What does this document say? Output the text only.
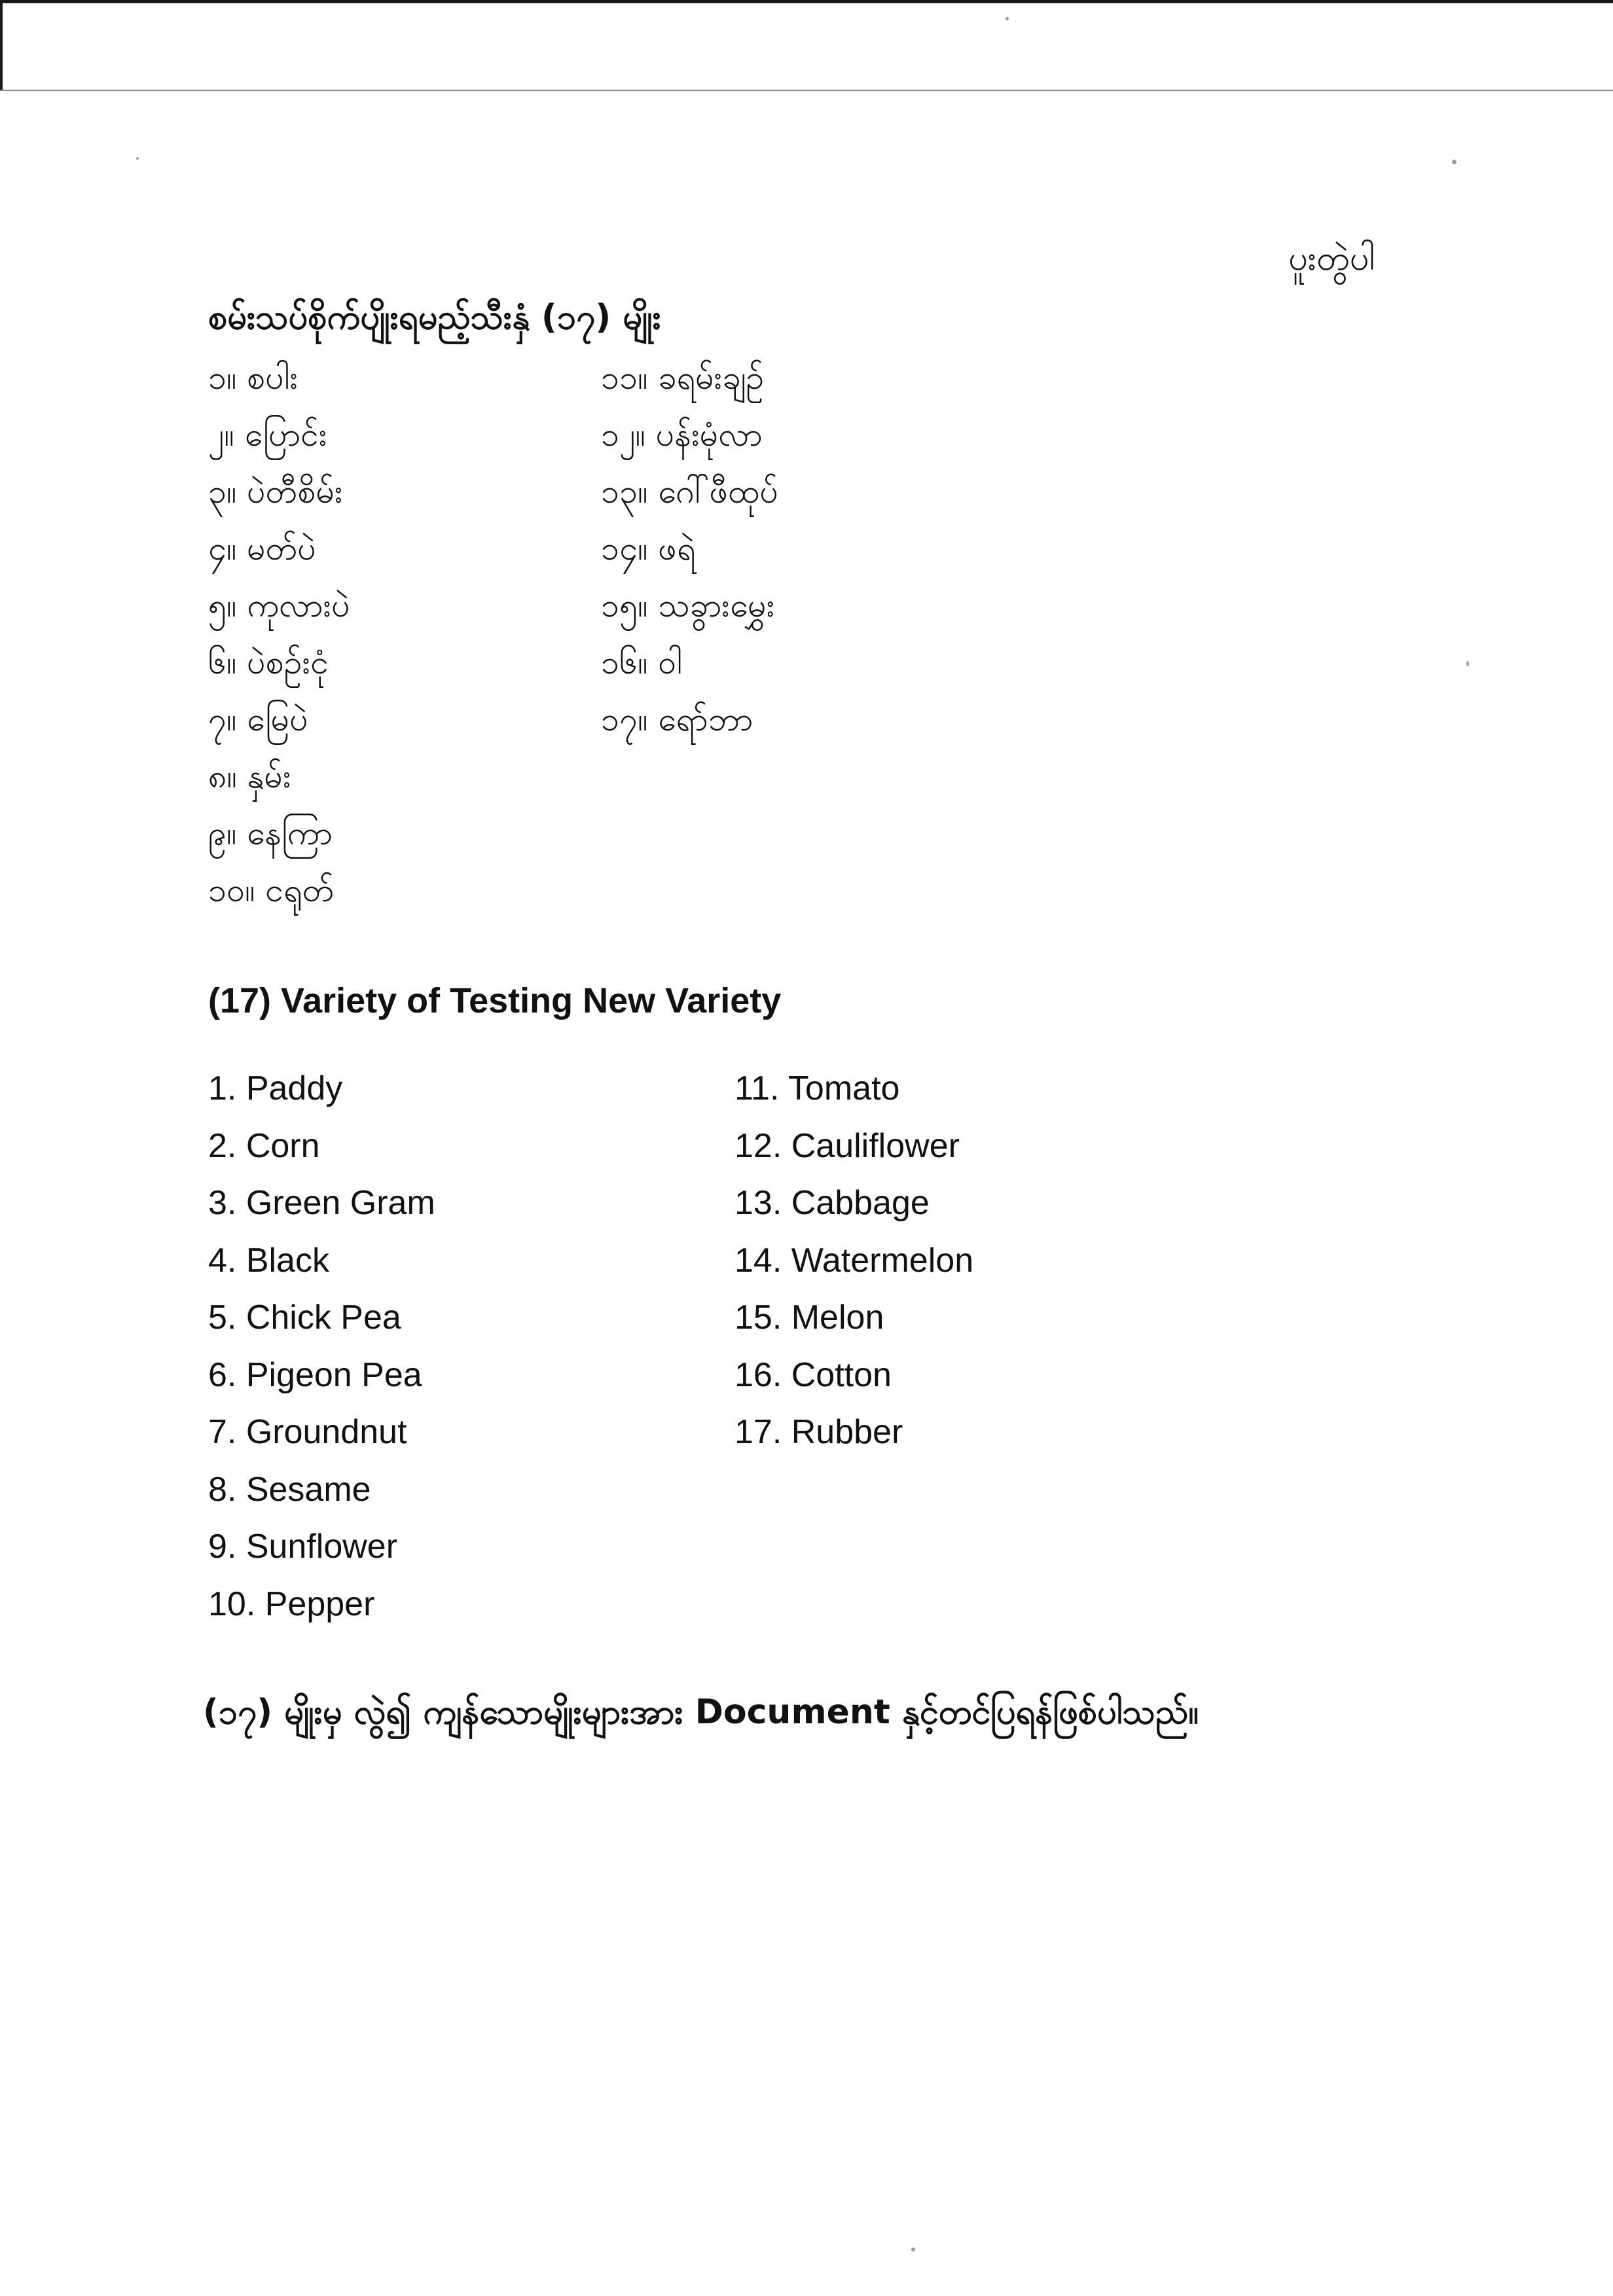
ပူးတွဲပါ
စမ်းသပ်စိုက်ပျိုးရမည့်သီးနှံ (၁၇) မျိုး
၁။ စပါး
၂။ ပြောင်း
၃။ ပဲတီစိမ်း
၄။ မတ်ပဲ
၅။ ကုလားပဲ
၆။ ပဲစဉ်းငုံ
၇။ မြေပဲ
၈။ နှမ်း
၉။ နေကြာ
၁၀။ ငရုတ်
၁၁။ ခရမ်းချဉ်
၁၂။ ပန်းမုံလာ
၁၃။ ဂေါ်ဖီထုပ်
၁၄။ ဖရဲ
၁၅။ သခွားမွှေး
၁၆။ ဝါ
၁၇။ ရော်ဘာ
(17) Variety of Testing New Variety
1. Paddy
2. Corn
3. Green Gram
4. Black
5. Chick Pea
6. Pigeon Pea
7. Groundnut
8. Sesame
9. Sunflower
10. Pepper
11. Tomato
12. Cauliflower
13. Cabbage
14. Watermelon
15. Melon
16. Cotton
17. Rubber
(၁၇) မျိုးမှ လွဲ၍ ကျန်သောမျိုးများအား Document နှင့်တင်ပြရန်ဖြစ်ပါသည်။
